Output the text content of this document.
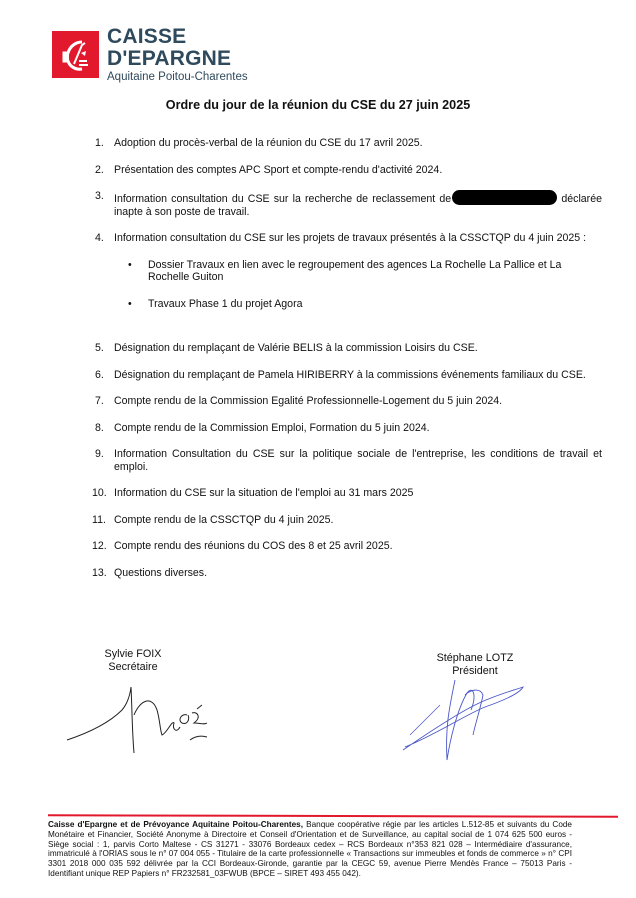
CAISSE
D'EPARGNE
Aquitaine Poitou-Charentes
Ordre du jour de la réunion du CSE du 27 juin 2025
1. Adoption du procès-verbal de la réunion du CSE du 17 avril 2025.
2. Présentation des comptes APC Sport et compte-rendu d'activité 2024.
3. Information consultation du CSE sur la recherche de reclassement de	déclarée inapte à son poste de travail.
4. Information consultation du CSE sur les projets de travaux présentés à la CSSCTQP du 4 juin 2025 :
•	Dossier Travaux en lien avec le regroupement des agences La Rochelle La Pallice et La Rochelle Guiton
•	Travaux Phase 1 du projet Agora
5. Désignation du remplaçant de Valérie BELIS à la commission Loisirs du CSE.
6. Désignation du remplaçant de Pamela HIRIBERRY à la commissions événements familiaux du CSE.
7. Compte rendu de la Commission Egalité Professionnelle-Logement du 5 juin 2024.
8. Compte rendu de la Commission Emploi, Formation du 5 juin 2024.
9. Information Consultation du CSE sur la politique sociale de l'entreprise, les conditions de travail et emploi.
10. Information du CSE sur la situation de l'emploi au 31 mars 2025
11. Compte rendu de la CSSCTQP du 4 juin 2025.
12. Compte rendu des réunions du COS des 8 et 25 avril 2025.
13. Questions diverses.
Sylvie FOIX
Secrétaire
Stéphane LOTZ
Président
Caisse d'Epargne et de Prévoyance Aquitaine Poitou-Charentes, Banque coopérative régie par les articles L.512-85 et suivants du Code Monétaire et Financier, Société Anonyme à Directoire et Conseil d'Orientation et de Surveillance, au capital social de 1 074 625 500 euros - Siège social : 1, parvis Corto Maltese - CS 31271 - 33076 Bordeaux cedex – RCS Bordeaux n°353 821 028 – Intermédiaire d'assurance, immatriculé à l'ORIAS sous le n° 07 004 055 - Titulaire de la carte professionnelle « Transactions sur immeubles et fonds de commerce » n° CPI 3301 2018 000 035 592 délivrée par la CCI Bordeaux-Gironde, garantie par la CEGC 59, avenue Pierre Mendès France – 75013 Paris - Identifiant unique REP Papiers n° FR232581_03FWUB (BPCE – SIRET 493 455 042).
